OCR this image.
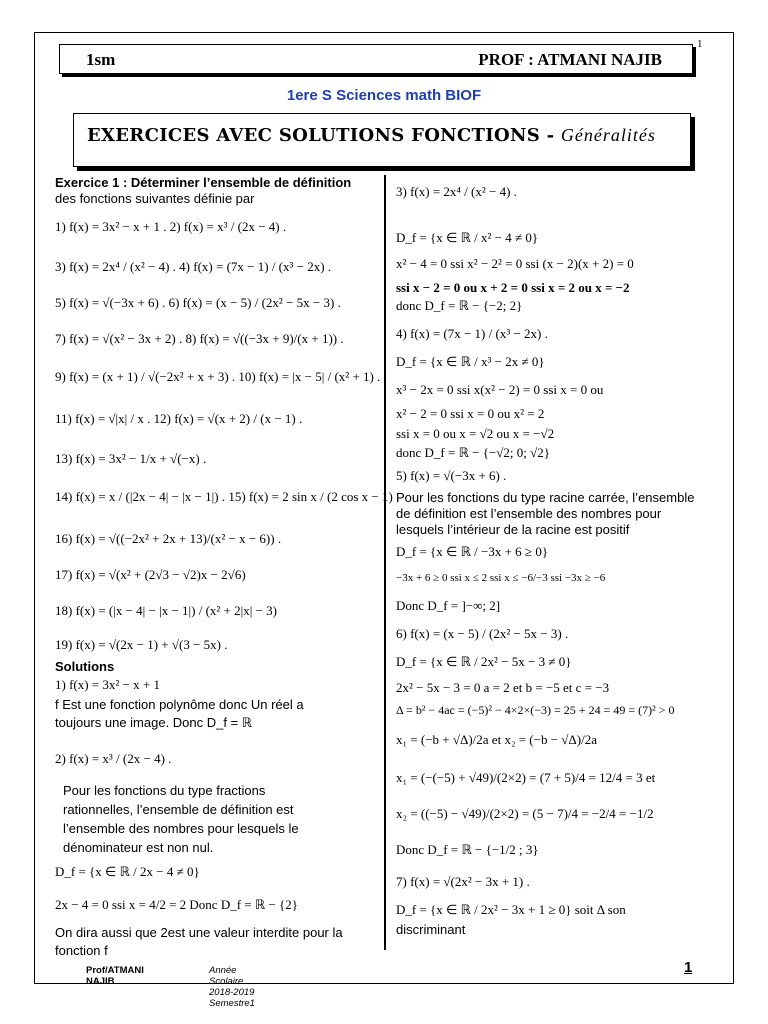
1
1sm	PROF : ATMANI NAJIB
1ere S Sciences math BIOF
EXERCICES AVEC SOLUTIONS FONCTIONS - Généralités
Exercice 1 : Déterminer l’ensemble de définition
des fonctions suivantes définie par
1) f(x) = 3x² − x + 1 . 2) f(x) = x³ / (2x − 4) .
3) f(x) = 2x⁴ / (x² − 4) . 4) f(x) = (7x − 1) / (x³ − 2x) .
5) f(x) = √(−3x + 6) . 6) f(x) = (x − 5) / (2x² − 5x − 3) .
7) f(x) = √(x² − 3x + 2) . 8) f(x) = √((−3x + 9)/(x + 1)) .
9) f(x) = (x + 1) / √(−2x² + x + 3) . 10) f(x) = |x − 5| / (x² + 1) .
11) f(x) = √|x| / x . 12) f(x) = √(x + 2) / (x − 1) .
13) f(x) = 3x² − 1/x + √(−x) .
14) f(x) = x / (|2x − 4| − |x − 1|) . 15) f(x) = 2 sin x / (2 cos x − 1) .
16) f(x) = √((−2x² + 2x + 13)/(x² − x − 6)) .
17) f(x) = √(x² + (2√3 − √2)x − 2√6)
18) f(x) = (|x − 4| − |x − 1|) / (x² + 2|x| − 3)
19) f(x) = √(2x − 1) + √(3 − 5x) .
Solutions
1) f(x) = 3x² − x + 1
f Est une fonction polynôme donc Un réel a
toujours une image. Donc D_f = ℝ
2) f(x) = x³ / (2x − 4) .
Pour les fonctions du type fractions
rationnelles, l’ensemble de définition est
l’ensemble des nombres pour lesquels le
dénominateur est non nul.
D_f = {x ∈ ℝ / 2x − 4 ≠ 0}
2x − 4 = 0 ssi x = 4/2 = 2 Donc D_f = ℝ − {2}
On dira aussi que 2est une valeur interdite pour la
fonction f
3) f(x) = 2x⁴ / (x² − 4) .
D_f = {x ∈ ℝ / x² − 4 ≠ 0}
x² − 4 = 0 ssi x² − 2² = 0 ssi (x − 2)(x + 2) = 0
ssi x − 2 = 0 ou x + 2 = 0 ssi x = 2 ou x = −2
donc D_f = ℝ − {−2; 2}
4) f(x) = (7x − 1) / (x³ − 2x) .
D_f = {x ∈ ℝ / x³ − 2x ≠ 0}
x³ − 2x = 0 ssi x(x² − 2) = 0 ssi x = 0 ou
x² − 2 = 0 ssi x = 0 ou x² = 2
ssi x = 0 ou x = √2 ou x = −√2
donc D_f = ℝ − {−√2; 0; √2}
5) f(x) = √(−3x + 6) .
Pour les fonctions du type racine carrée, l’ensemble
de définition est l’ensemble des nombres pour
lesquels l’intérieur de la racine est positif
D_f = {x ∈ ℝ / −3x + 6 ≥ 0}
−3x + 6 ≥ 0 ssi x ≤ 2 ssi x ≤ −6/−3 ssi −3x ≥ −6
Donc D_f = ]−∞; 2]
6) f(x) = (x − 5) / (2x² − 5x − 3) .
D_f = {x ∈ ℝ / 2x² − 5x − 3 ≠ 0}
2x² − 5x − 3 = 0 a = 2 et b = −5 et c = −3
Δ = b² − 4ac = (−5)² − 4×2×(−3) = 25 + 24 = 49 = (7)² > 0
x₁ = (−b + √Δ)/2a et x₂ = (−b − √Δ)/2a
x₁ = (−(−5) + √49)/(2×2) = (7 + 5)/4 = 12/4 = 3 et
x₂ = ((−5) − √49)/(2×2) = (5 − 7)/4 = −2/4 = −1/2
Donc D_f = ℝ − {−1/2 ; 3}
7) f(x) = √(2x² − 3x + 1) .
D_f = {x ∈ ℝ / 2x² − 3x + 1 ≥ 0} soit Δ son
discriminant
Prof/ATMANI NAJIB
Année Scolaire 2018-2019 Semestre1
1
